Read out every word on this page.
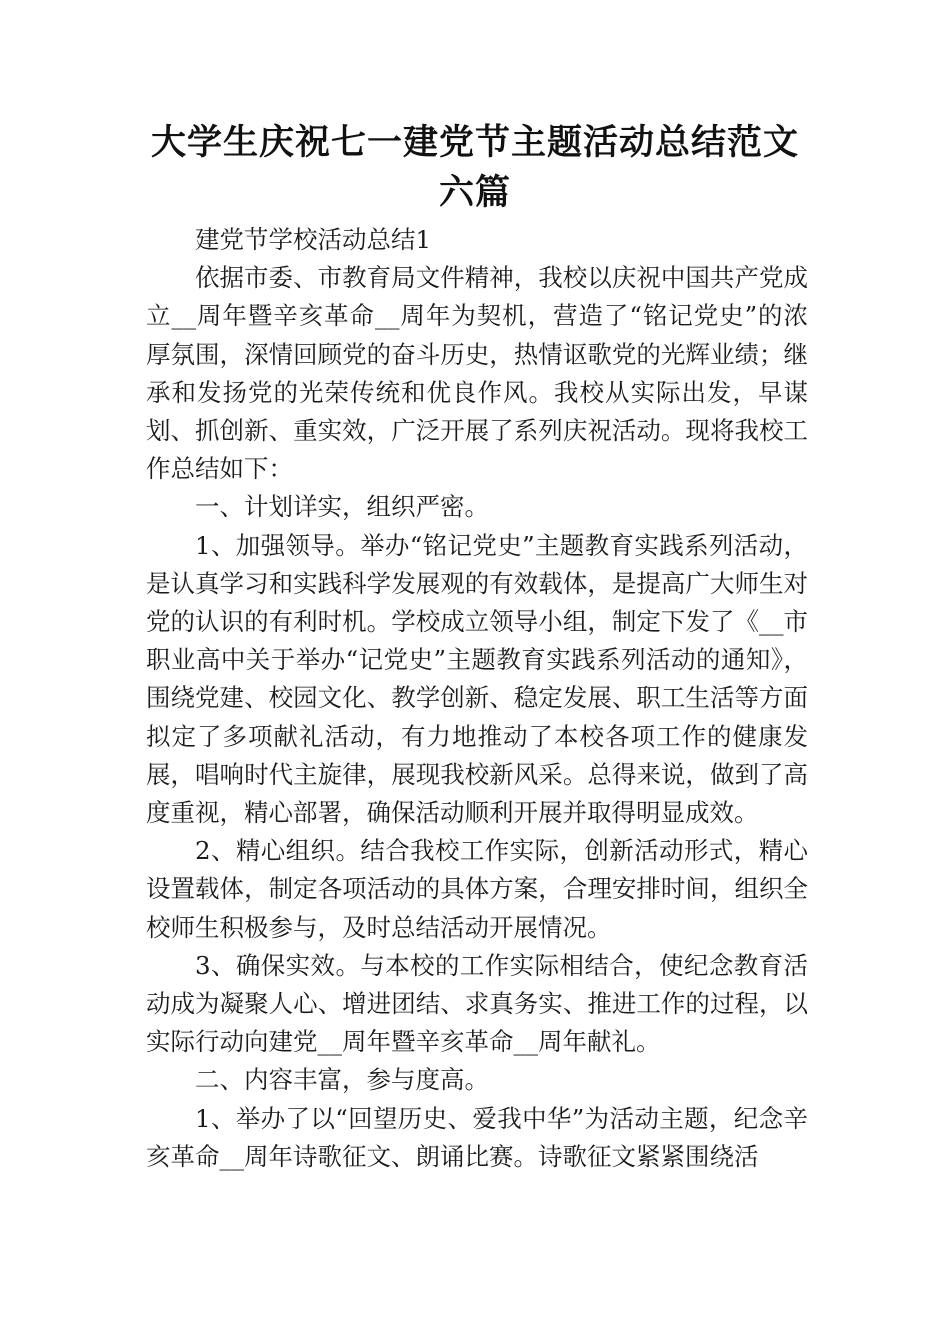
大学生庆祝七一建党节主题活动总结范文六篇

建党节学校活动总结1

依据市委、市教育局文件精神，我校以庆祝中国共产党成立__周年暨辛亥革命__周年为契机，营造了“铭记党史”的浓厚氛围，深情回顾党的奋斗历史，热情讴歌党的光辉业绩；继承和发扬党的光荣传统和优良作风。我校从实际出发，早谋划、抓创新、重实效，广泛开展了系列庆祝活动。现将我校工作总结如下：

一、计划详实，组织严密。

1、加强领导。举办“铭记党史”主题教育实践系列活动，是认真学习和实践科学发展观的有效载体，是提高广大师生对党的认识的有利时机。学校成立领导小组，制定下发了《__市职业高中关于举办“记党史”主题教育实践系列活动的通知》，围绕党建、校园文化、教学创新、稳定发展、职工生活等方面拟定了多项献礼活动，有力地推动了本校各项工作的健康发展，唱响时代主旋律，展现我校新风采。总得来说，做到了高度重视，精心部署，确保活动顺利开展并取得明显成效。

2、精心组织。结合我校工作实际，创新活动形式，精心设置载体，制定各项活动的具体方案，合理安排时间，组织全校师生积极参与，及时总结活动开展情况。

3、确保实效。与本校的工作实际相结合，使纪念教育活动成为凝聚人心、增进团结、求真务实、推进工作的过程，以实际行动向建党__周年暨辛亥革命__周年献礼。

二、内容丰富，参与度高。

1、举办了以“回望历史、爱我中华”为活动主题，纪念辛亥革命__周年诗歌征文、朗诵比赛。诗歌征文紧紧围绕活
